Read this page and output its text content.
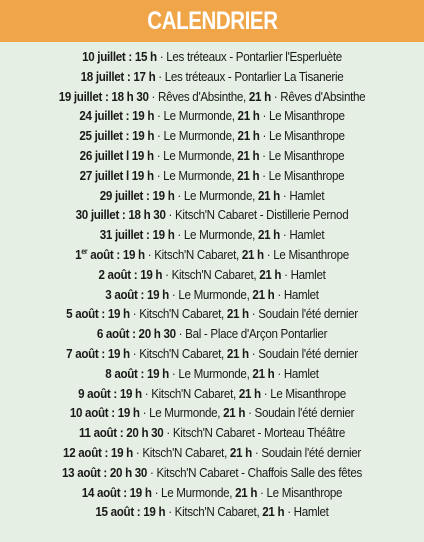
CALENDRIER
10 juillet : 15 h · Les tréteaux - Pontarlier l'Esperluète
18 juillet : 17 h · Les tréteaux - Pontarlier La Tisanerie
19 juillet : 18 h 30 · Rêves d'Absinthe, 21 h · Rêves d'Absinthe
24 juillet : 19 h · Le Murmonde, 21 h · Le Misanthrope
25 juillet : 19 h · Le Murmonde, 21 h · Le Misanthrope
26 juillet l 19 h · Le Murmonde, 21 h · Le Misanthrope
27 juillet l 19 h · Le Murmonde, 21 h · Le Misanthrope
29 juillet : 19 h · Le Murmonde, 21 h · Hamlet
30 juillet : 18 h 30 · Kitsch'N Cabaret - Distillerie Pernod
31 juillet : 19 h · Le Murmonde, 21 h · Hamlet
1er août : 19 h · Kitsch'N Cabaret, 21 h · Le Misanthrope
2 août : 19 h · Kitsch'N Cabaret, 21 h · Hamlet
3 août : 19 h · Le Murmonde, 21 h · Hamlet
5 août : 19 h · Kitsch'N Cabaret, 21 h · Soudain l'été dernier
6 août : 20 h 30 · Bal - Place d'Arçon Pontarlier
7 août : 19 h · Kitsch'N Cabaret, 21 h · Soudain l'été dernier
8 août : 19 h · Le Murmonde, 21 h · Hamlet
9 août : 19 h · Kitsch'N Cabaret, 21 h · Le Misanthrope
10 août : 19 h · Le Murmonde, 21 h · Soudain l'été dernier
11 août : 20 h 30 · Kitsch'N Cabaret - Morteau Théâtre
12 août : 19 h · Kitsch'N Cabaret, 21 h · Soudain l'été dernier
13 août : 20 h 30 · Kitsch'N Cabaret - Chaffois Salle des fêtes
14 août : 19 h · Le Murmonde, 21 h · Le Misanthrope
15 août : 19 h · Kitsch'N Cabaret, 21 h · Hamlet
